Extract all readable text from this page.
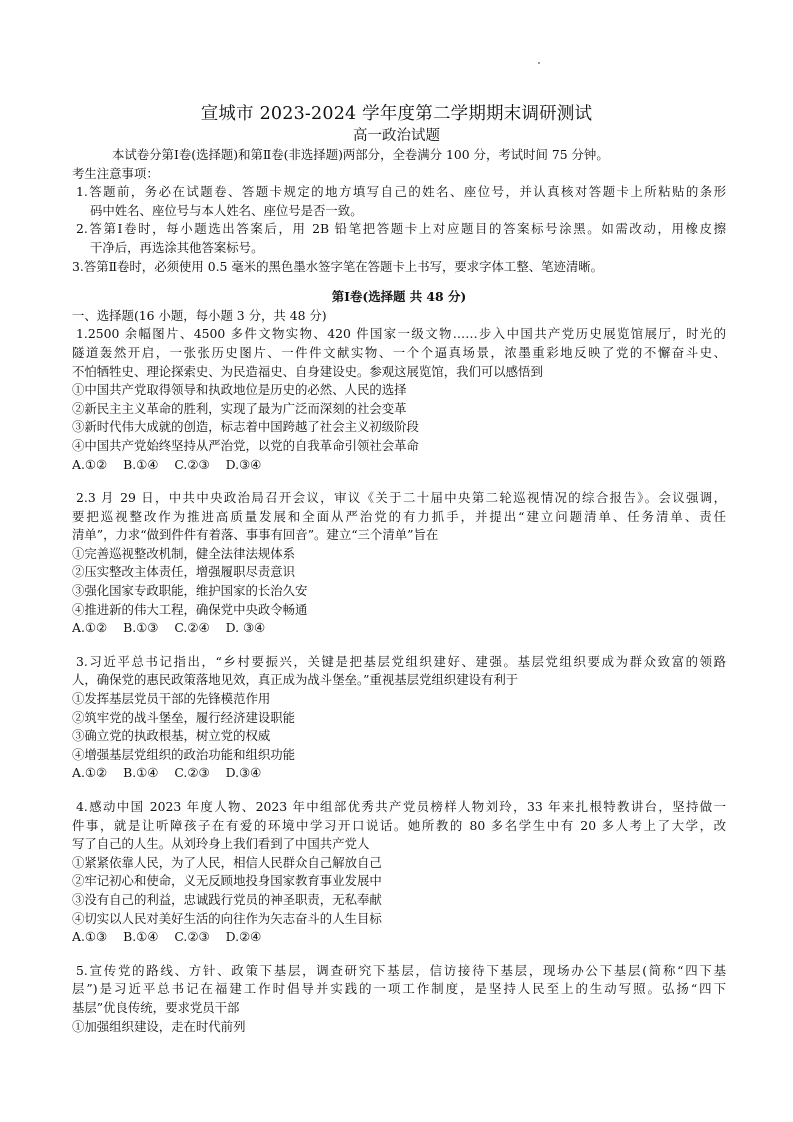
宣城市 2023-2024 学年度第二学期期末调研测试
高一政治试题
本试卷分第Ⅰ卷(选择题)和第Ⅱ卷(非选择题)两部分，全卷满分 100 分，考试时间 75 分钟。
考生注意事项：
1.答题前，务必在试题卷、答题卡规定的地方填写自己的姓名、座位号，并认真核对答题卡上所粘贴的条形
码中姓名、座位号与本人姓名、座位号是否一致。
2.答第Ⅰ卷时，每小题选出答案后，用 2B 铅笔把答题卡上对应题目的答案标号涂黑。如需改动，用橡皮擦
干净后，再选涂其他答案标号。
3.答第Ⅱ卷时，必须使用 0.5 毫米的黑色墨水签字笔在答题卡上书写，要求字体工整、笔迹清晰。
第Ⅰ卷(选择题 共 48 分)
一、选择题(16 小题，每小题 3 分，共 48 分)
1.2500 余幅图片、4500 多件文物实物、420 件国家一级文物……步入中国共产党历史展览馆展厅，时光的
隧道轰然开启，一张张历史图片、一件件文献实物、一个个逼真场景，浓墨重彩地反映了党的不懈奋斗史、
不怕牺牲史、理论探索史、为民造福史、自身建设史。参观这展览馆，我们可以感悟到
①中国共产党取得领导和执政地位是历史的必然、人民的选择
②新民主主义革命的胜利，实现了最为广泛而深刻的社会变革
③新时代伟大成就的创造，标志着中国跨越了社会主义初级阶段
④中国共产党始终坚持从严治党，以党的自我革命引领社会革命
A.①② B.①④ C.②③ D.③④
2.3 月 29 日，中共中央政治局召开会议，审议《关于二十届中央第二轮巡视情况的综合报告》。会议强调，
要把巡视整改作为推进高质量发展和全面从严治党的有力抓手，并提出“建立问题清单、任务清单、责任
清单”，力求“做到件件有着落、事事有回音”。建立“三个清单”旨在
①完善巡视整改机制，健全法律法规体系
②压实整改主体责任，增强履职尽责意识
③强化国家专政职能，维护国家的长治久安
④推进新的伟大工程，确保党中央政令畅通
A.①② B.①③ C.②④ D. ③④
3.习近平总书记指出，“乡村要振兴，关键是把基层党组织建好、建强。基层党组织要成为群众致富的领路
人，确保党的惠民政策落地见效，真正成为战斗堡垒。”重视基层党组织建设有利于
①发挥基层党员干部的先锋模范作用
②筑牢党的战斗堡垒，履行经济建设职能
③确立党的执政根基，树立党的权威
④增强基层党组织的政治功能和组织功能
A.①② B.①④ C.②③ D.③④
4.感动中国 2023 年度人物、2023 年中组部优秀共产党员榜样人物刘玲，33 年来扎根特教讲台，坚持做一
件事，就是让听障孩子在有爱的环境中学习开口说话。她所教的 80 多名学生中有 20 多人考上了大学，改
写了自己的人生。从刘玲身上我们看到了中国共产党人
①紧紧依靠人民，为了人民，相信人民群众自己解放自己
②牢记初心和使命，义无反顾地投身国家教育事业发展中
③没有自己的利益，忠诚践行党员的神圣职责，无私奉献
④切实以人民对美好生活的向往作为矢志奋斗的人生目标
A.①③ B.①④ C.②③ D.②④
5.宣传党的路线、方针、政策下基层，调查研究下基层，信访接待下基层，现场办公下基层(简称“四下基
层”)是习近平总书记在福建工作时倡导并实践的一项工作制度，是坚持人民至上的生动写照。弘扬“四下
基层”优良传统，要求党员干部
①加强组织建设，走在时代前列
